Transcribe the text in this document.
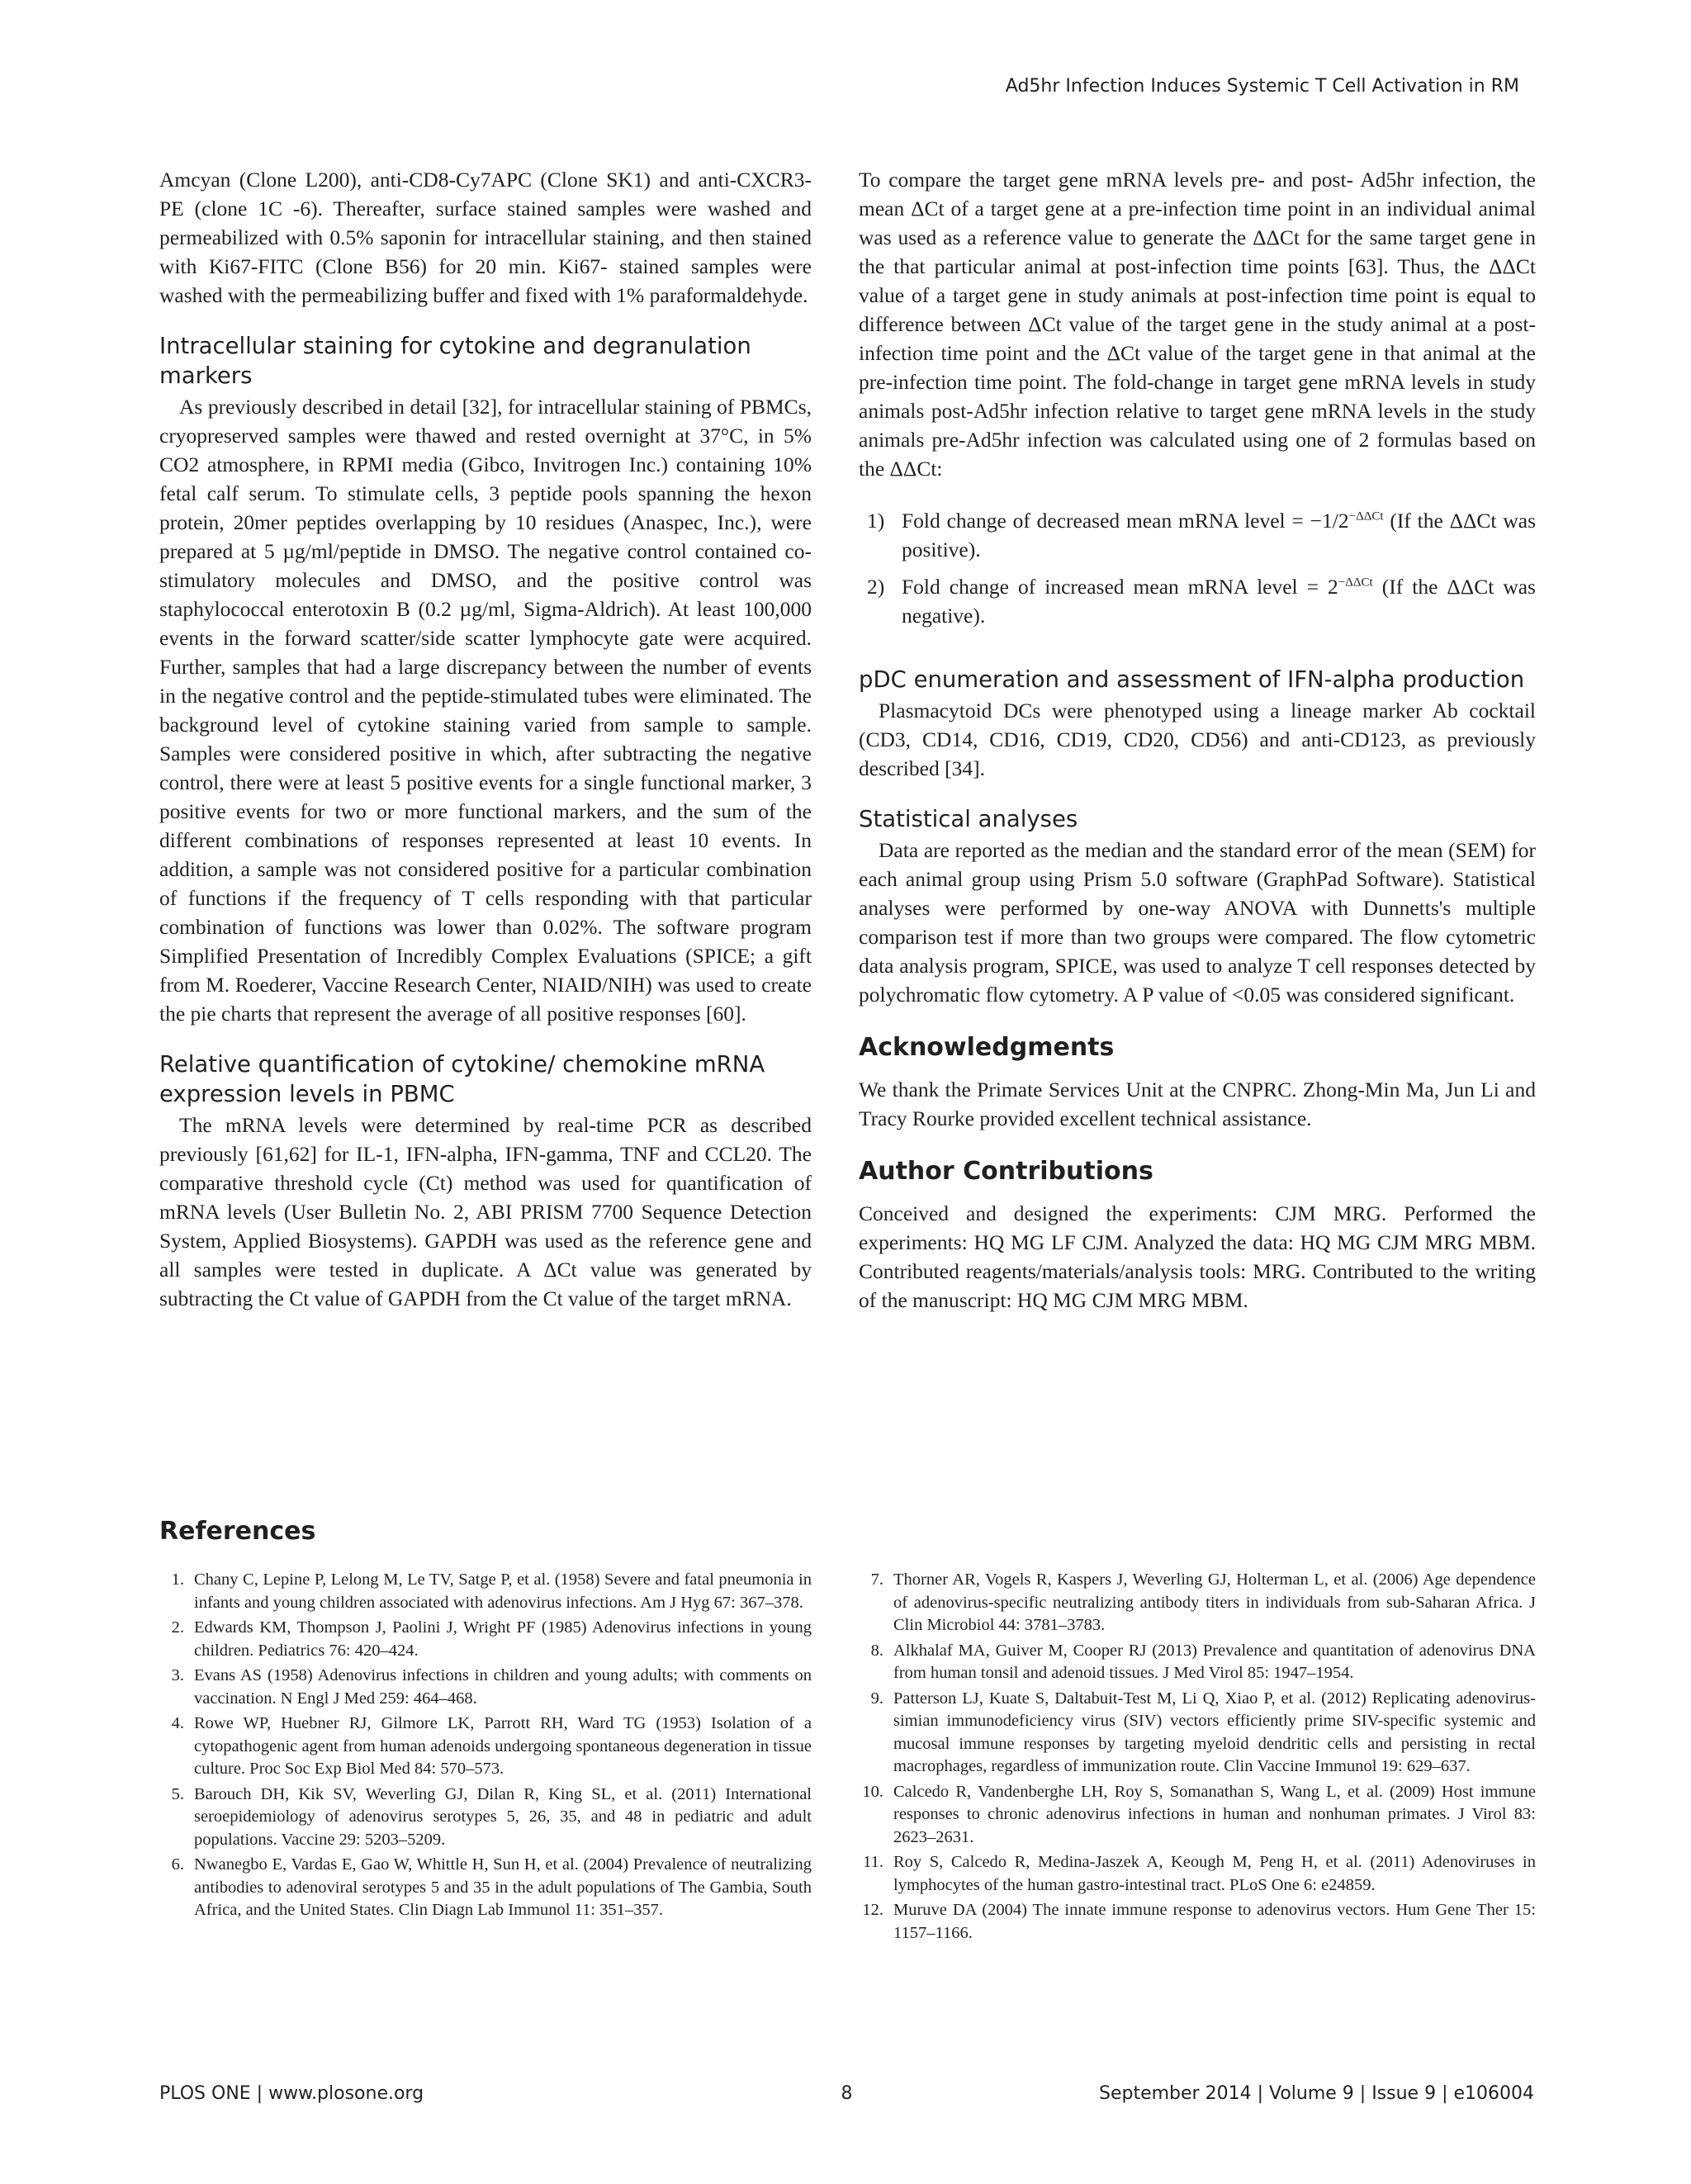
Ad5hr Infection Induces Systemic T Cell Activation in RM

Amcyan (Clone L200), anti-CD8-Cy7APC (Clone SK1) and anti-CXCR3-PE (clone 1C -6). Thereafter, surface stained samples were washed and permeabilized with 0.5% saponin for intracellular staining, and then stained with Ki67-FITC (Clone B56) for 20 min. Ki67- stained samples were washed with the permeabilizing buffer and fixed with 1% paraformaldehyde.

Intracellular staining for cytokine and degranulation markers

As previously described in detail [32], for intracellular staining of PBMCs, cryopreserved samples were thawed and rested overnight at 37°C, in 5% CO2 atmosphere, in RPMI media (Gibco, Invitrogen Inc.) containing 10% fetal calf serum. To stimulate cells, 3 peptide pools spanning the hexon protein, 20mer peptides overlapping by 10 residues (Anaspec, Inc.), were prepared at 5 µg/ml/peptide in DMSO. The negative control contained co-stimulatory molecules and DMSO, and the positive control was staphylococcal enterotoxin B (0.2 µg/ml, Sigma-Aldrich). At least 100,000 events in the forward scatter/side scatter lymphocyte gate were acquired. Further, samples that had a large discrepancy between the number of events in the negative control and the peptide-stimulated tubes were eliminated. The background level of cytokine staining varied from sample to sample. Samples were considered positive in which, after subtracting the negative control, there were at least 5 positive events for a single functional marker, 3 positive events for two or more functional markers, and the sum of the different combinations of responses represented at least 10 events. In addition, a sample was not considered positive for a particular combination of functions if the frequency of T cells responding with that particular combination of functions was lower than 0.02%. The software program Simplified Presentation of Incredibly Complex Evaluations (SPICE; a gift from M. Roederer, Vaccine Research Center, NIAID/NIH) was used to create the pie charts that represent the average of all positive responses [60].

Relative quantification of cytokine/ chemokine mRNA expression levels in PBMC

The mRNA levels were determined by real-time PCR as described previously [61,62] for IL-1, IFN-alpha, IFN-gamma, TNF and CCL20. The comparative threshold cycle (Ct) method was used for quantification of mRNA levels (User Bulletin No. 2, ABI PRISM 7700 Sequence Detection System, Applied Biosystems). GAPDH was used as the reference gene and all samples were tested in duplicate. A ΔCt value was generated by subtracting the Ct value of GAPDH from the Ct value of the target mRNA.

To compare the target gene mRNA levels pre- and post- Ad5hr infection, the mean ΔCt of a target gene at a pre-infection time point in an individual animal was used as a reference value to generate the ΔΔCt for the same target gene in the that particular animal at post-infection time points [63]. Thus, the ΔΔCt value of a target gene in study animals at post-infection time point is equal to difference between ΔCt value of the target gene in the study animal at a post-infection time point and the ΔCt value of the target gene in that animal at the pre-infection time point. The fold-change in target gene mRNA levels in study animals post-Ad5hr infection relative to target gene mRNA levels in the study animals pre-Ad5hr infection was calculated using one of 2 formulas based on the ΔΔCt:

1) Fold change of decreased mean mRNA level = $-1/2^{-\Delta\Delta Ct}$ (If the ΔΔCt was positive).
2) Fold change of increased mean mRNA level = $2^{-\Delta\Delta Ct}$ (If the ΔΔCt was negative).
pDC enumeration and assessment of IFN-alpha production

Plasmacytoid DCs were phenotyped using a lineage marker Ab cocktail (CD3, CD14, CD16, CD19, CD20, CD56) and anti-CD123, as previously described [34].

Statistical analyses

Data are reported as the median and the standard error of the mean (SEM) for each animal group using Prism 5.0 software (GraphPad Software). Statistical analyses were performed by one-way ANOVA with Dunnetts's multiple comparison test if more than two groups were compared. The flow cytometric data analysis program, SPICE, was used to analyze T cell responses detected by polychromatic flow cytometry. A P value of <0.05 was considered significant.

Acknowledgments

We thank the Primate Services Unit at the CNPRC. Zhong-Min Ma, Jun Li and Tracy Rourke provided excellent technical assistance.

Author Contributions

Conceived and designed the experiments: CJM MRG. Performed the experiments: HQ MG LF CJM. Analyzed the data: HQ MG CJM MRG MBM. Contributed reagents/materials/analysis tools: MRG. Contributed to the writing of the manuscript: HQ MG CJM MRG MBM.

References
1. Chany C, Lepine P, Lelong M, Le TV, Satge P, et al. (1958) Severe and fatal pneumonia in infants and young children associated with adenovirus infections. Am J Hyg 67: 367–378.
2. Edwards KM, Thompson J, Paolini J, Wright PF (1985) Adenovirus infections in young children. Pediatrics 76: 420–424.
3. Evans AS (1958) Adenovirus infections in children and young adults; with comments on vaccination. N Engl J Med 259: 464–468.
4. Rowe WP, Huebner RJ, Gilmore LK, Parrott RH, Ward TG (1953) Isolation of a cytopathogenic agent from human adenoids undergoing spontaneous degeneration in tissue culture. Proc Soc Exp Biol Med 84: 570–573.
5. Barouch DH, Kik SV, Weverling GJ, Dilan R, King SL, et al. (2011) International seroepidemiology of adenovirus serotypes 5, 26, 35, and 48 in pediatric and adult populations. Vaccine 29: 5203–5209.
6. Nwanegbo E, Vardas E, Gao W, Whittle H, Sun H, et al. (2004) Prevalence of neutralizing antibodies to adenoviral serotypes 5 and 35 in the adult populations of The Gambia, South Africa, and the United States. Clin Diagn Lab Immunol 11: 351–357.
7. Thorner AR, Vogels R, Kaspers J, Weverling GJ, Holterman L, et al. (2006) Age dependence of adenovirus-specific neutralizing antibody titers in individuals from sub-Saharan Africa. J Clin Microbiol 44: 3781–3783.
8. Alkhalaf MA, Guiver M, Cooper RJ (2013) Prevalence and quantitation of adenovirus DNA from human tonsil and adenoid tissues. J Med Virol 85: 1947–1954.
9. Patterson LJ, Kuate S, Daltabuit-Test M, Li Q, Xiao P, et al. (2012) Replicating adenovirus-simian immunodeficiency virus (SIV) vectors efficiently prime SIV-specific systemic and mucosal immune responses by targeting myeloid dendritic cells and persisting in rectal macrophages, regardless of immunization route. Clin Vaccine Immunol 19: 629–637.
10. Calcedo R, Vandenberghe LH, Roy S, Somanathan S, Wang L, et al. (2009) Host immune responses to chronic adenovirus infections in human and nonhuman primates. J Virol 83: 2623–2631.
11. Roy S, Calcedo R, Medina-Jaszek A, Keough M, Peng H, et al. (2011) Adenoviruses in lymphocytes of the human gastro-intestinal tract. PLoS One 6: e24859.
12. Muruve DA (2004) The innate immune response to adenovirus vectors. Hum Gene Ther 15: 1157–1166.
PLOS ONE | www.plosone.org	8	September 2014 | Volume 9 | Issue 9 | e106004
